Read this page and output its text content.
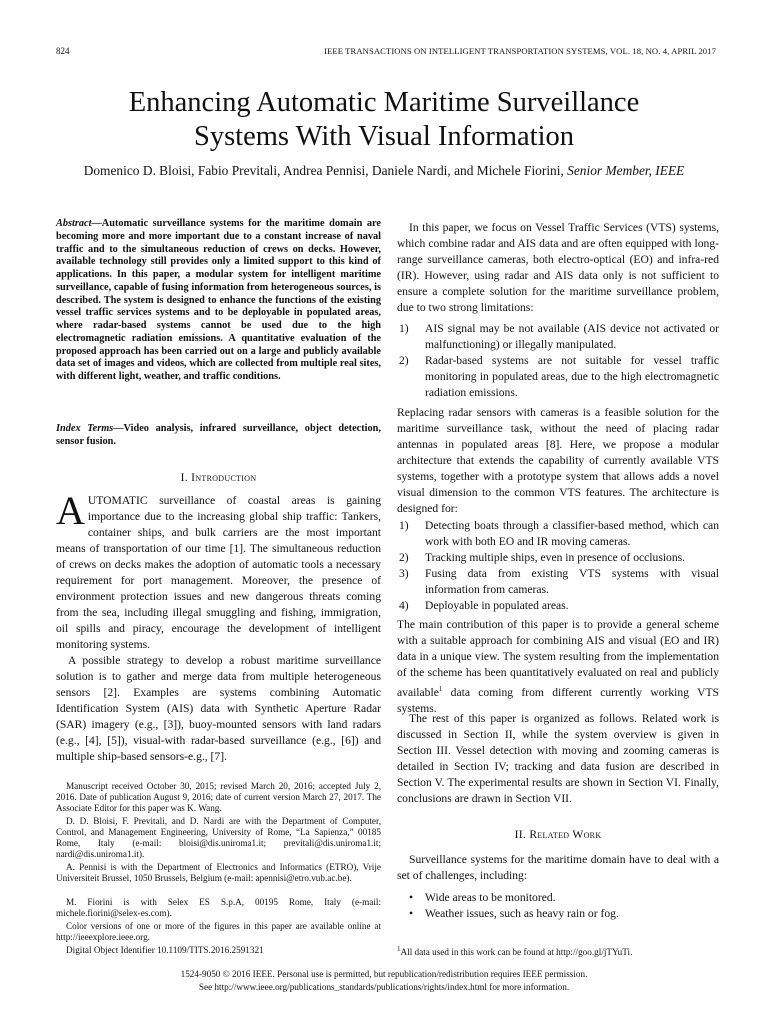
824	IEEE TRANSACTIONS ON INTELLIGENT TRANSPORTATION SYSTEMS, VOL. 18, NO. 4, APRIL 2017
Enhancing Automatic Maritime Surveillance
Systems With Visual Information
Domenico D. Bloisi, Fabio Previtali, Andrea Pennisi, Daniele Nardi, and Michele Fiorini, Senior Member, IEEE

Abstract—Automatic surveillance systems for the maritime domain are becoming more and more important due to a constant increase of naval traffic and to the simultaneous reduction of crews on decks. However, available technology still provides only a limited support to this kind of applications. In this paper, a modular system for intelligent maritime surveillance, capable of fusing information from heterogeneous sources, is described. The system is designed to enhance the functions of the existing vessel traffic services systems and to be deployable in populated areas, where radar-based systems cannot be used due to the high electromagnetic radiation emissions. A quantitative evaluation of the proposed approach has been carried out on a large and publicly available data set of images and videos, which are collected from multiple real sites, with different light, weather, and traffic conditions.

Index Terms—Video analysis, infrared surveillance, object detection, sensor fusion.

I. Introduction

AUTOMATIC surveillance of coastal areas is gaining importance due to the increasing global ship traffic: Tankers, container ships, and bulk carriers are the most important means of transportation of our time [1]. The simultaneous reduction of crews on decks makes the adoption of automatic tools a necessary requirement for port management. Moreover, the presence of environment protection issues and new dangerous threats coming from the sea, including illegal smuggling and fishing, immigration, oil spills and piracy, encourage the development of intelligent monitoring systems.

A possible strategy to develop a robust maritime surveillance solution is to gather and merge data from multiple heterogeneous sensors [2]. Examples are systems combining Automatic Identification System (AIS) data with Synthetic Aperture Radar (SAR) imagery (e.g., [3]), buoy-mounted sensors with land radars (e.g., [4], [5]), visual-with radar-based surveillance (e.g., [6]) and multiple ship-based sensors-e.g., [7].

Manuscript received October 30, 2015; revised March 20, 2016; accepted July 2, 2016. Date of publication August 9, 2016; date of current version March 27, 2017. The Associate Editor for this paper was K. Wang.

D. D. Bloisi, F. Previtali, and D. Nardi are with the Department of Computer, Control, and Management Engineering, University of Rome, “La Sapienza,” 00185 Rome, Italy (e-mail: bloisi@dis.uniroma1.it; previtali@dis.uniroma1.it; nardi@dis.uniroma1.it).

A. Pennisi is with the Department of Electronics and Informatics (ETRO), Vrije Universiteit Brussel, 1050 Brussels, Belgium (e-mail: apennisi@etro.vub.ac.be).

M. Fiorini is with Selex ES S.p.A, 00195 Rome, Italy (e-mail: michele.fiorini@selex-es.com).

Color versions of one or more of the figures in this paper are available online at http://ieeexplore.ieee.org.

Digital Object Identifier 10.1109/TITS.2016.2591321

In this paper, we focus on Vessel Traffic Services (VTS) systems, which combine radar and AIS data and are often equipped with long-range surveillance cameras, both electro-optical (EO) and infra-red (IR). However, using radar and AIS data only is not sufficient to ensure a complete solution for the maritime surveillance problem, due to two strong limitations:

1) AIS signal may be not available (AIS device not activated or malfunctioning) or illegally manipulated.
2) Radar-based systems are not suitable for vessel traffic monitoring in populated areas, due to the high electromagnetic radiation emissions.

Replacing radar sensors with cameras is a feasible solution for the maritime surveillance task, without the need of placing radar antennas in populated areas [8]. Here, we propose a modular architecture that extends the capability of currently available VTS systems, together with a prototype system that allows adds a novel visual dimension to the common VTS features. The architecture is designed for:

1) Detecting boats through a classifier-based method, which can work with both EO and IR moving cameras.
2) Tracking multiple ships, even in presence of occlusions.
3) Fusing data from existing VTS systems with visual information from cameras.
4) Deployable in populated areas.

The main contribution of this paper is to provide a general scheme with a suitable approach for combining AIS and visual (EO and IR) data in a unique view. The system resulting from the implementation of the scheme has been quantitatively evaluated on real and publicly available$^1$ data coming from different currently working VTS systems.

The rest of this paper is organized as follows. Related work is discussed in Section II, while the system overview is given in Section III. Vessel detection with moving and zooming cameras is detailed in Section IV; tracking and data fusion are described in Section V. The experimental results are shown in Section VI. Finally, conclusions are drawn in Section VII.

II. Related Work

Surveillance systems for the maritime domain have to deal with a set of challenges, including:

• Wide areas to be monitored.
• Weather issues, such as heavy rain or fog.
$^1$All data used in this work can be found at http://goo.gl/jTYuTi.
1524-9050 © 2016 IEEE. Personal use is permitted, but republication/redistribution requires IEEE permission.
See http://www.ieee.org/publications_standards/publications/rights/index.html for more information.
